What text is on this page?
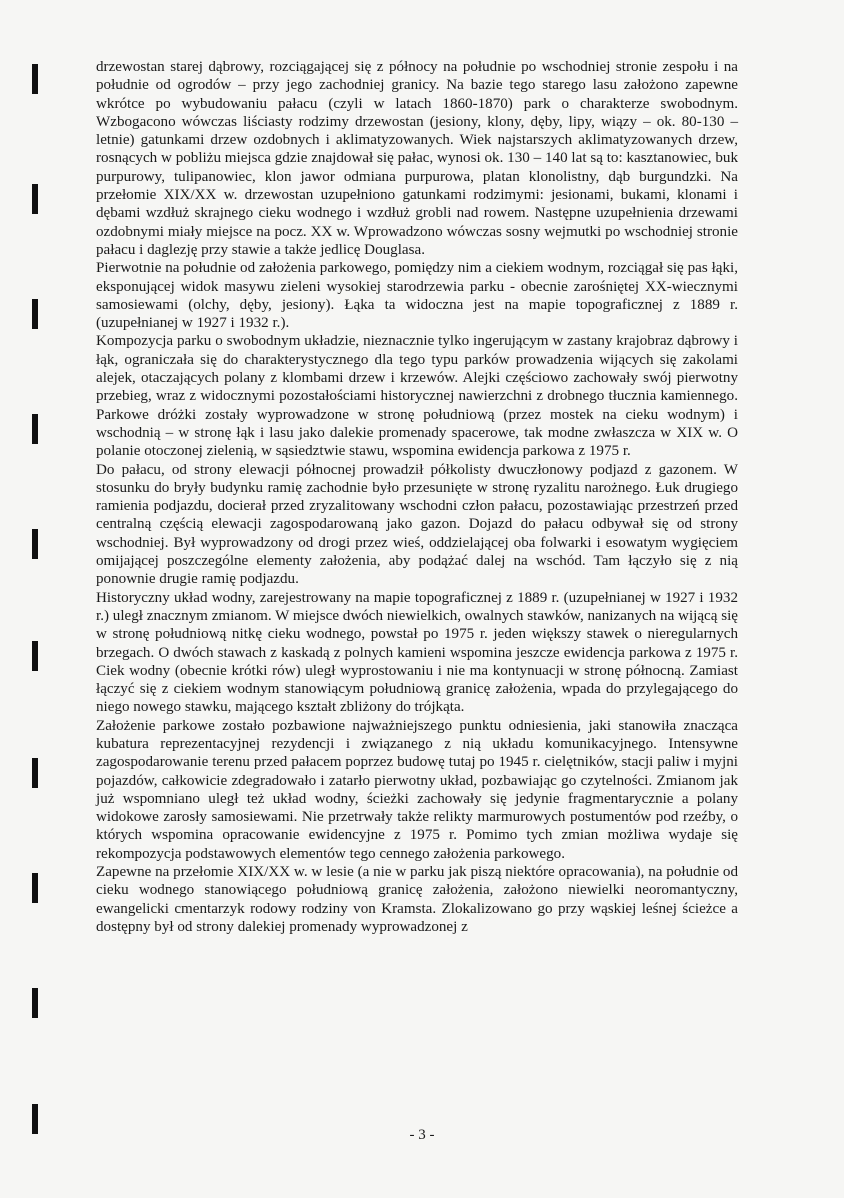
drzewostan starej dąbrowy, rozciągającej się z północy na południe po wschodniej stronie zespołu i na południe od ogrodów – przy jego zachodniej granicy. Na bazie tego starego lasu założono zapewne wkrótce po wybudowaniu pałacu (czyli w latach 1860-1870) park o charakterze swobodnym. Wzbogacono wówczas liściasty rodzimy drzewostan (jesiony, klony, dęby, lipy, wiązy – ok. 80-130 – letnie) gatunkami drzew ozdobnych i aklimatyzowanych. Wiek najstarszych aklimatyzowanych drzew, rosnących w pobliżu miejsca gdzie znajdował się pałac, wynosi ok. 130 – 140 lat są to: kasztanowiec, buk purpurowy, tulipanowiec, klon jawor odmiana purpurowa, platan klonolistny, dąb burgundzki. Na przełomie XIX/XX w. drzewostan uzupełniono gatunkami rodzimymi: jesionami, bukami, klonami i dębami wzdłuż skrajnego cieku wodnego i wzdłuż grobli nad rowem. Następne uzupełnienia drzewami ozdobnymi miały miejsce na pocz. XX w. Wprowadzono wówczas sosny wejmutki po wschodniej stronie pałacu i daglezję przy stawie a także jedlicę Douglasa.

Pierwotnie na południe od założenia parkowego, pomiędzy nim a ciekiem wodnym, rozciągał się pas łąki, eksponującej widok masywu zieleni wysokiej starodrzewia parku - obecnie zarośniętej XX-wiecznymi samosiewami (olchy, dęby, jesiony). Łąka ta widoczna jest na mapie topograficznej z 1889 r. (uzupełnianej w 1927 i 1932 r.).

Kompozycja parku o swobodnym układzie, nieznacznie tylko ingerującym w zastany krajobraz dąbrowy i łąk, ograniczała się do charakterystycznego dla tego typu parków prowadzenia wijących się zakolami alejek, otaczających polany z klombami drzew i krzewów. Alejki częściowo zachowały swój pierwotny przebieg, wraz z widocznymi pozostałościami historycznej nawierzchni z drobnego tłucznia kamiennego. Parkowe dróżki zostały wyprowadzone w stronę południową (przez mostek na cieku wodnym) i wschodnią – w stronę łąk i lasu jako dalekie promenady spacerowe, tak modne zwłaszcza w XIX w. O polanie otoczonej zielenią, w sąsiedztwie stawu, wspomina ewidencja parkowa z 1975 r.

Do pałacu, od strony elewacji północnej prowadził półkolisty dwuczłonowy podjazd z gazonem. W stosunku do bryły budynku ramię zachodnie było przesunięte w stronę ryzalitu narożnego. Łuk drugiego ramienia podjazdu, docierał przed zryzalitowany wschodni człon pałacu, pozostawiając przestrzeń przed centralną częścią elewacji zagospodarowaną jako gazon. Dojazd do pałacu odbywał się od strony wschodniej. Był wyprowadzony od drogi przez wieś, oddzielającej oba folwarki i esowatym wygięciem omijającej poszczególne elementy założenia, aby podążać dalej na wschód. Tam łączyło się z nią ponownie drugie ramię podjazdu.

Historyczny układ wodny, zarejestrowany na mapie topograficznej z 1889 r. (uzupełnianej w 1927 i 1932 r.) uległ znacznym zmianom. W miejsce dwóch niewielkich, owalnych stawków, nanizanych na wijącą się w stronę południową nitkę cieku wodnego, powstał po 1975 r. jeden większy stawek o nieregularnych brzegach. O dwóch stawach z kaskadą z polnych kamieni wspomina jeszcze ewidencja parkowa z 1975 r. Ciek wodny (obecnie krótki rów) uległ wyprostowaniu i nie ma kontynuacji w stronę północną. Zamiast łączyć się z ciekiem wodnym stanowiącym południową granicę założenia, wpada do przylegającego do niego nowego stawku, mającego kształt zbliżony do trójkąta.

Założenie parkowe zostało pozbawione najważniejszego punktu odniesienia, jaki stanowiła znacząca kubatura reprezentacyjnej rezydencji i związanego z nią układu komunikacyjnego. Intensywne zagospodarowanie terenu przed pałacem poprzez budowę tutaj po 1945 r. cielętników, stacji paliw i myjni pojazdów, całkowicie zdegradowało i zatarło pierwotny układ, pozbawiając go czytelności. Zmianom jak już wspomniano uległ też układ wodny, ścieżki zachowały się jedynie fragmentarycznie a polany widokowe zarosły samosiewami. Nie przetrwały także relikty marmurowych postumentów pod rzeźby, o których wspomina opracowanie ewidencyjne z 1975 r. Pomimo tych zmian możliwa wydaje się rekompozycja podstawowych elementów tego cennego założenia parkowego.

Zapewne na przełomie XIX/XX w. w lesie (a nie w parku jak piszą niektóre opracowania), na południe od cieku wodnego stanowiącego południową granicę założenia, założono niewielki neoromantyczny, ewangelicki cmentarzyk rodowy rodziny von Kramsta. Zlokalizowano go przy wąskiej leśnej ścieżce a dostępny był od strony dalekiej promenady wyprowadzonej z

- 3 -
